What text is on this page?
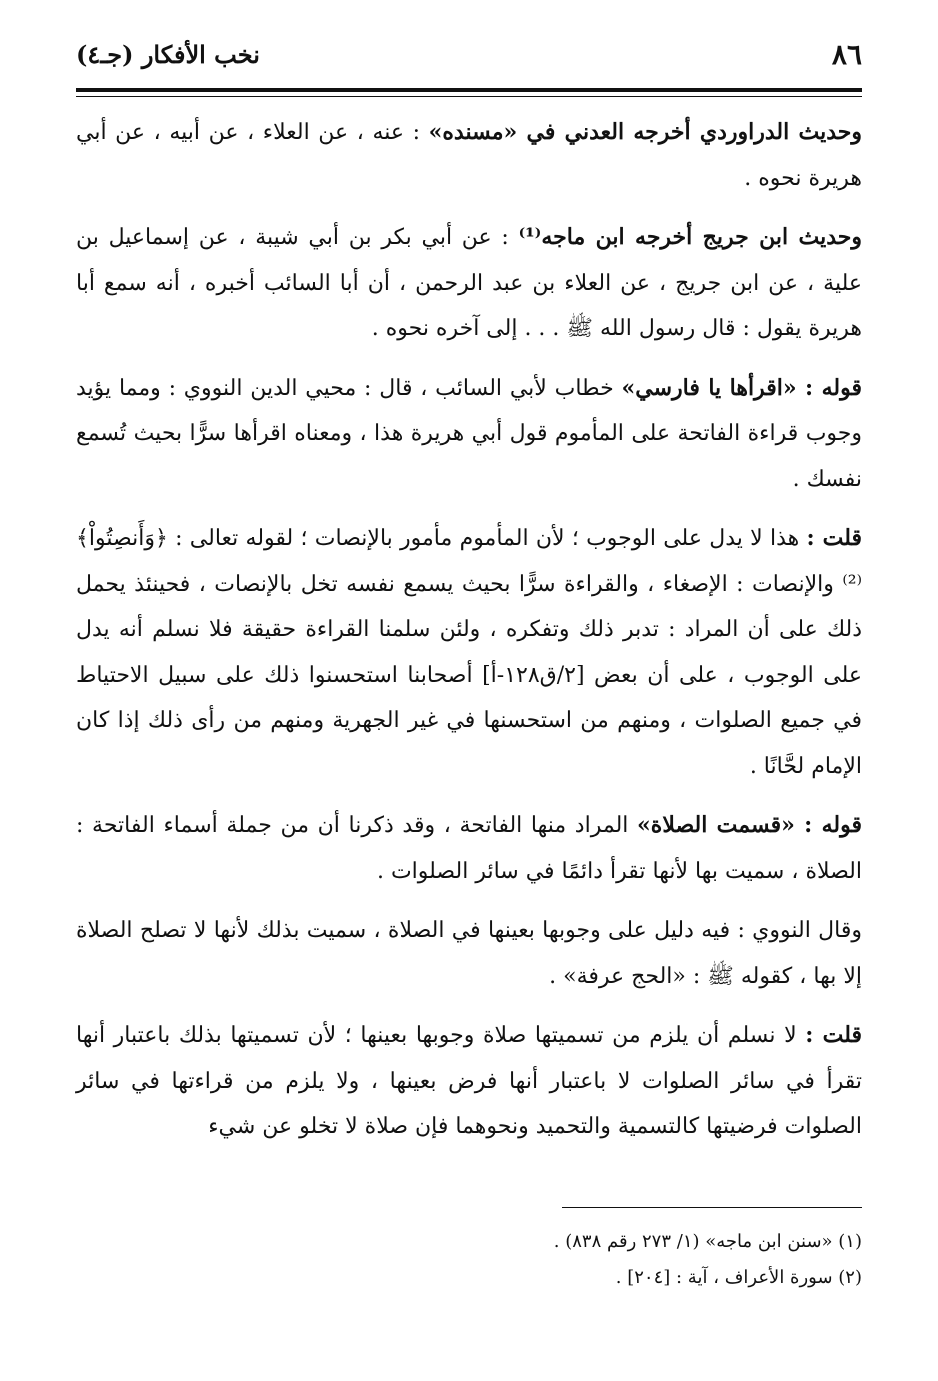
٨٦
نخب الأفكار (جـ٤)

وحديث الدراوردي أخرجه العدني في «مسنده» : عنه ، عن العلاء ، عن أبيه ، عن أبي هريرة نحوه .

وحديث ابن جريج أخرجه ابن ماجه⁽¹⁾ : عن أبي بكر بن أبي شيبة ، عن إسماعيل بن علية ، عن ابن جريج ، عن العلاء بن عبد الرحمن ، أن أبا السائب أخبره ، أنه سمع أبا هريرة يقول : قال رسول الله ﷺ . . . إلى آخره نحوه .

قوله : «اقرأها يا فارسي» خطاب لأبي السائب ، قال : محيي الدين النووي : ومما يؤيد وجوب قراءة الفاتحة على المأموم قول أبي هريرة هذا ، ومعناه اقرأها سرًّا بحيث تُسمع نفسك .

قلت : هذا لا يدل على الوجوب ؛ لأن المأموم مأمور بالإنصات ؛ لقوله تعالى : ﴿وَأَنصِتُواْ﴾⁽²⁾ والإنصات : الإصغاء ، والقراءة سرًّا بحيث يسمع نفسه تخل بالإنصات ، فحينئذ يحمل ذلك على أن المراد : تدبر ذلك وتفكره ، ولئن سلمنا القراءة حقيقة فلا نسلم أنه يدل على الوجوب ، على أن بعض [٢/ق١٢٨-أ] أصحابنا استحسنوا ذلك على سبيل الاحتياط في جميع الصلوات ، ومنهم من استحسنها في غير الجهرية ومنهم من رأى ذلك إذا كان الإمام لحَّانًا .

قوله : «قسمت الصلاة» المراد منها الفاتحة ، وقد ذكرنا أن من جملة أسماء الفاتحة : الصلاة ، سميت بها لأنها تقرأ دائمًا في سائر الصلوات .

وقال النووي : فيه دليل على وجوبها بعينها في الصلاة ، سميت بذلك لأنها لا تصلح الصلاة إلا بها ، كقوله ﷺ : «الحج عرفة» .

قلت : لا نسلم أن يلزم من تسميتها صلاة وجوبها بعينها ؛ لأن تسميتها بذلك باعتبار أنها تقرأ في سائر الصلوات لا باعتبار أنها فرض بعينها ، ولا يلزم من قراءتها في سائر الصلوات فرضيتها كالتسمية والتحميد ونحوهما فإن صلاة لا تخلو عن شيء

(١) «سنن ابن ماجه» (١/ ٢٧٣ رقم ٨٣٨) .
(٢) سورة الأعراف ، آية : [٢٠٤] .
